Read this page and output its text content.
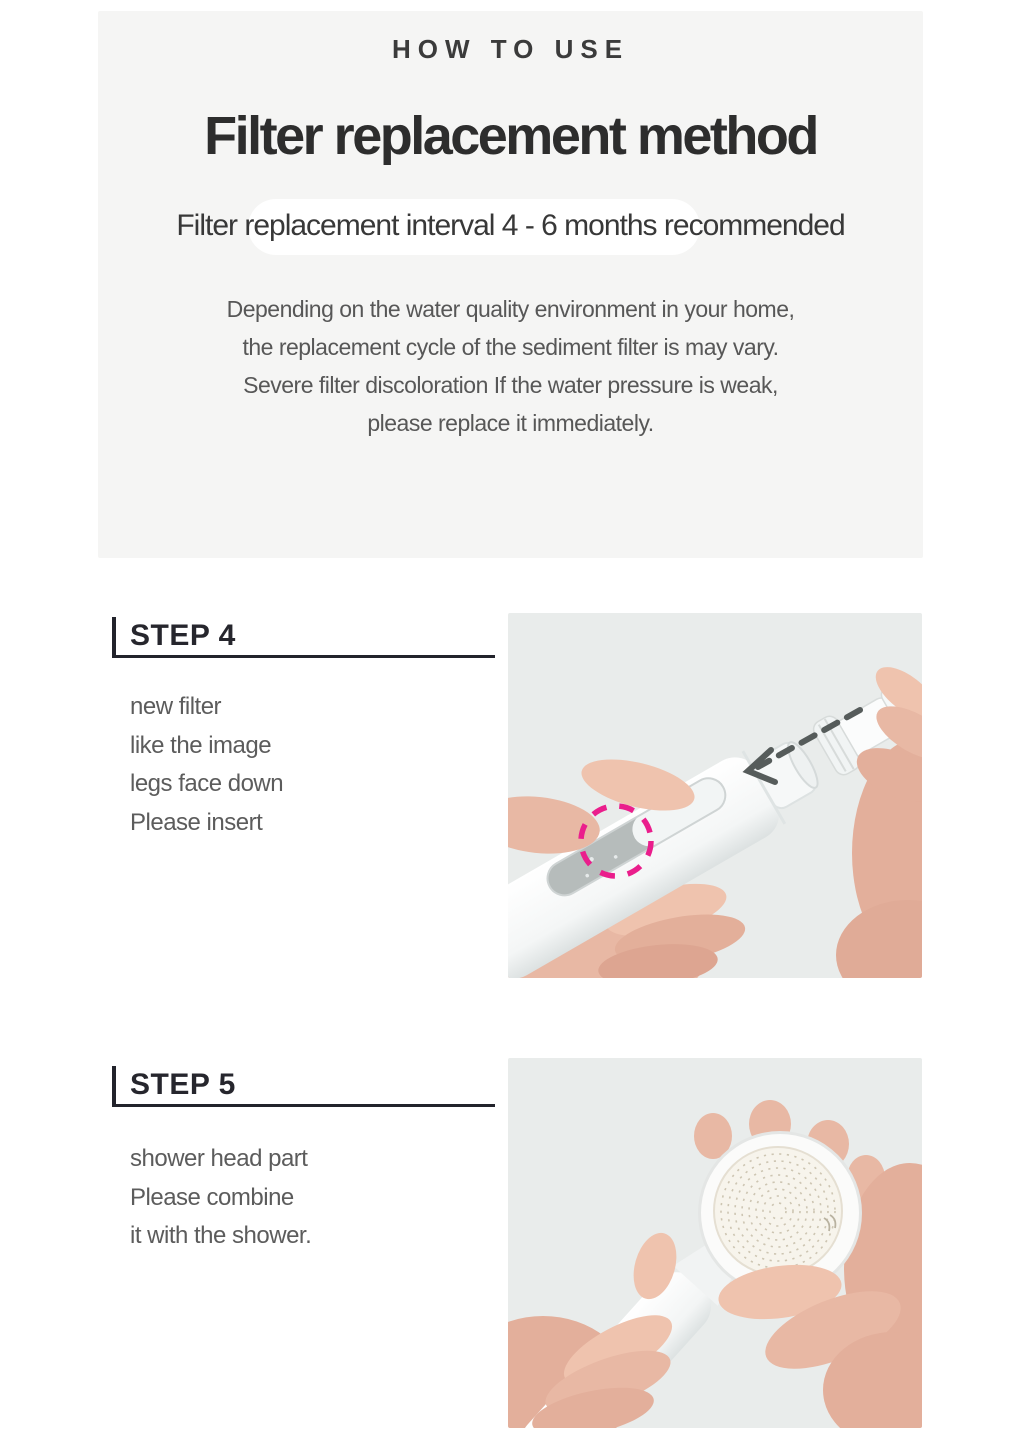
HOW TO USE
Filter replacement method
Filter replacement interval 4 - 6 months recommended
Depending on the water quality environment in your home,
the replacement cycle of the sediment filter is may vary.
Severe filter discoloration If the water pressure is weak,
please replace it immediately.
STEP 4
new filter
like the image
legs face down
Please insert
STEP 5
shower head part
Please combine
it with the shower.
